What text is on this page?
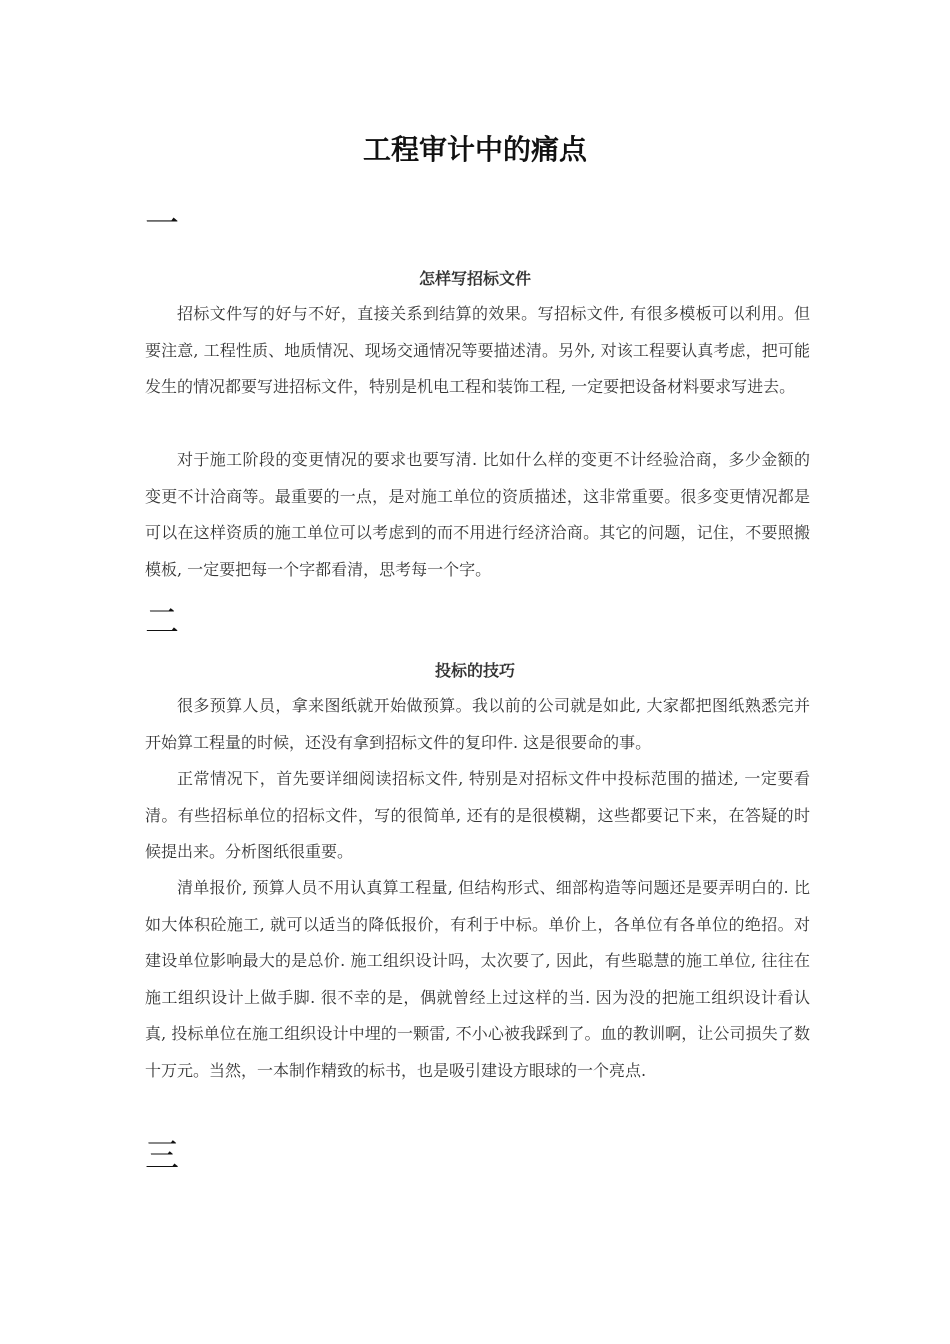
工程审计中的痛点
一
怎样写招标文件

招标文件写的好与不好，直接关系到结算的效果。写招标文件, 有很多模板可以利用。但要注意, 工程性质、地质情况、现场交通情况等要描述清。另外, 对该工程要认真考虑，把可能发生的情况都要写进招标文件，特别是机电工程和装饰工程, 一定要把设备材料要求写进去。

对于施工阶段的变更情况的要求也要写清. 比如什么样的变更不计经验洽商，多少金额的变更不计洽商等。最重要的一点，是对施工单位的资质描述，这非常重要。很多变更情况都是可以在这样资质的施工单位可以考虑到的而不用进行经济洽商。其它的问题，记住，不要照搬模板, 一定要把每一个字都看清，思考每一个字。

二
投标的技巧

很多预算人员，拿来图纸就开始做预算。我以前的公司就是如此, 大家都把图纸熟悉完并开始算工程量的时候，还没有拿到招标文件的复印件. 这是很要命的事。

正常情况下，首先要详细阅读招标文件, 特别是对招标文件中投标范围的描述, 一定要看清。有些招标单位的招标文件，写的很简单, 还有的是很模糊，这些都要记下来，在答疑的时候提出来。分析图纸很重要。

清单报价, 预算人员不用认真算工程量, 但结构形式、细部构造等问题还是要弄明白的. 比如大体积砼施工, 就可以适当的降低报价，有利于中标。单价上，各单位有各单位的绝招。对建设单位影响最大的是总价. 施工组织设计吗，太次要了, 因此，有些聪慧的施工单位, 往往在施工组织设计上做手脚. 很不幸的是，偶就曾经上过这样的当. 因为没的把施工组织设计看认真, 投标单位在施工组织设计中埋的一颗雷, 不小心被我踩到了。血的教训啊，让公司损失了数十万元。当然，一本制作精致的标书，也是吸引建设方眼球的一个亮点.

三
